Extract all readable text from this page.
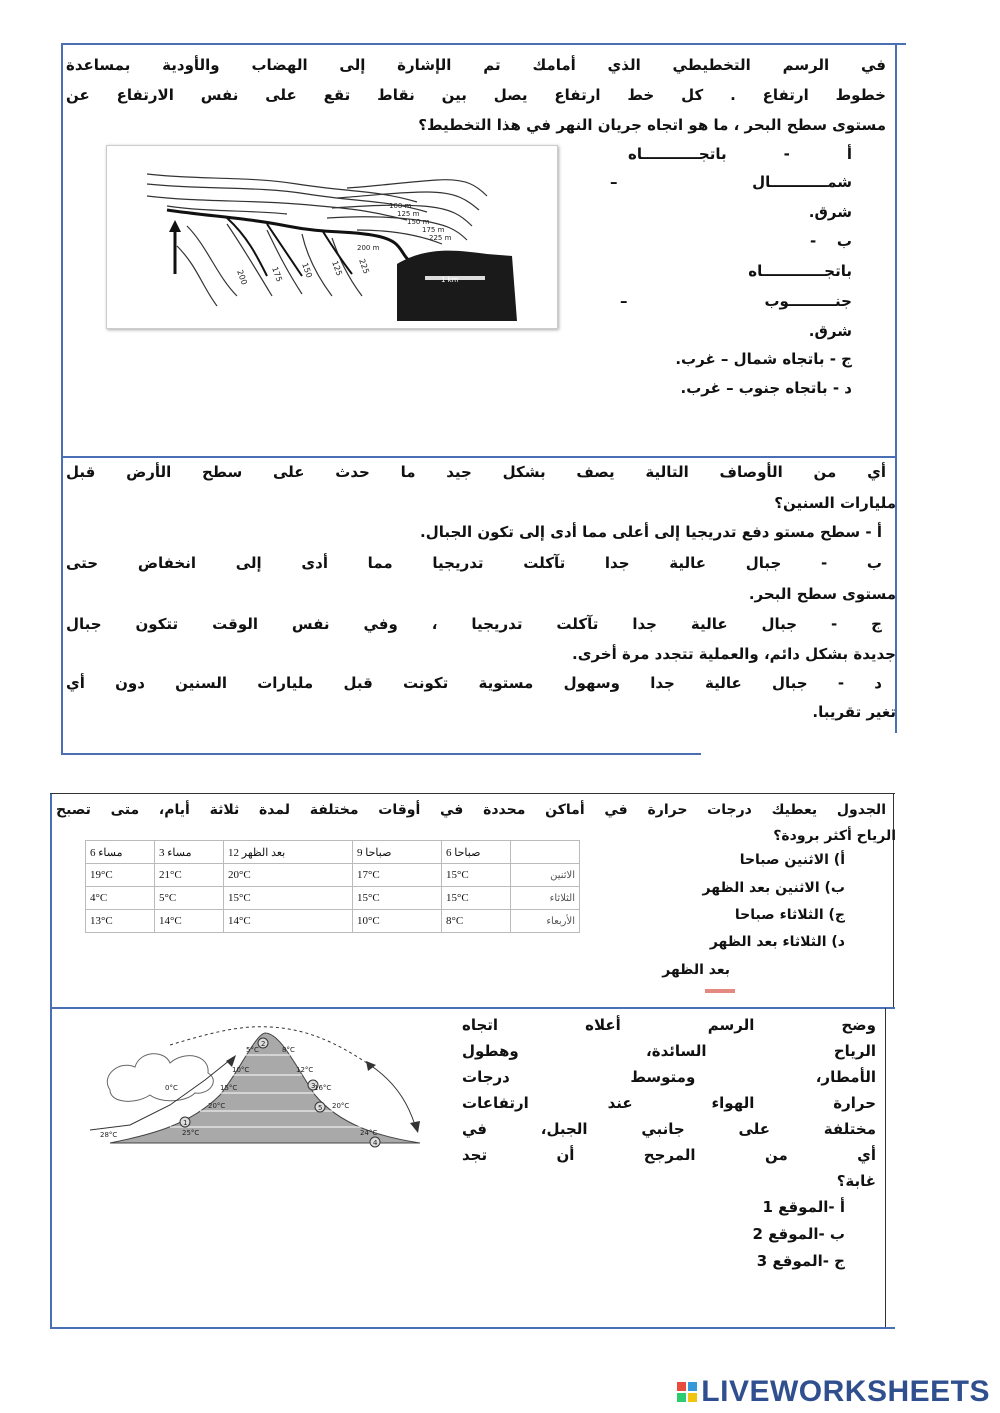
في الرسم التخطيطي الذي أمامك تم الإشارة إلى الهضاب والأودية بمساعدة
خطوط ارتفاع . كل خط ارتفاع يصل بين نقاط تقع على نفس الارتفاع عن
مستوى سطح البحر ، ما هو اتجاه جريان النهر في هذا التخطيط؟
100 m
125 m
150 m
175 m
225 m
200 m
1 km
200	175 150 125 225
أ - باتجـــــــــــاه
شمـــــــــــال –
شرق.
ب -
باتجــــــــــــاه
جنـــــــــوب –
شرق.
ج - باتجاه شمال – غرب.
د - باتجاه جنوب – غرب.
أي من الأوصاف التالية يصف بشكل جيد ما حدث على سطح الأرض قبل
مليارات السنين؟
أ - سطح مستو دفع تدريجيا إلى أعلى مما أدى إلى تكون الجبال.
ب - جبال عالية جدا تآكلت تدريجيا مما أدى إلى انخفاض حتى
مستوى سطح البحر.
ج - جبال عالية جدا تآكلت تدريجيا ، وفي نفس الوقت تتكون جبال
جديدة بشكل دائم، والعملية تتجدد مرة أخرى.
د - جبال عالية جدا وسهول مستوية تكونت قبل مليارات السنين دون أي
تغير تقريبا.
الجدول يعطيك درجات حرارة في أماكن محددة في أوقات مختلفة لمدة ثلاثة أيام، متى تصبح
الرياح أكثر برودة؟
6 مساء	3 مساء	12 بعد الظهر	9 صباحا	6 صباحا	
19°C	21°C	20°C	17°C	15°C	الاثنين
4°C	5°C	15°C	15°C	15°C	الثلاثاء
13°C	14°C	14°C	10°C	8°C	الأربعاء
أ) الاثنين صباحا
ب) الاثنين بعد الظهر
ج) الثلاثاء صباحا
د) الثلاثاء بعد الظهر
بعد الظهر
2
3
1
4
5
5°C
10°C
15°C
20°C
25°C
8°C
12°C
16°C
20°C
24°C
28°C
0°C
وضح الرسم أعلاه اتجاه
الرياح السائدة، وهطول
الأمطار، ومتوسط درجات
حرارة الهواء عند ارتفاعات
مختلفة على جانبي الجبل، في
أي من المرجح أن تجد
غابة؟
أ -الموقع 1
ب -الموقع 2
ج -الموقع 3
LIVEWORKSHEETS
